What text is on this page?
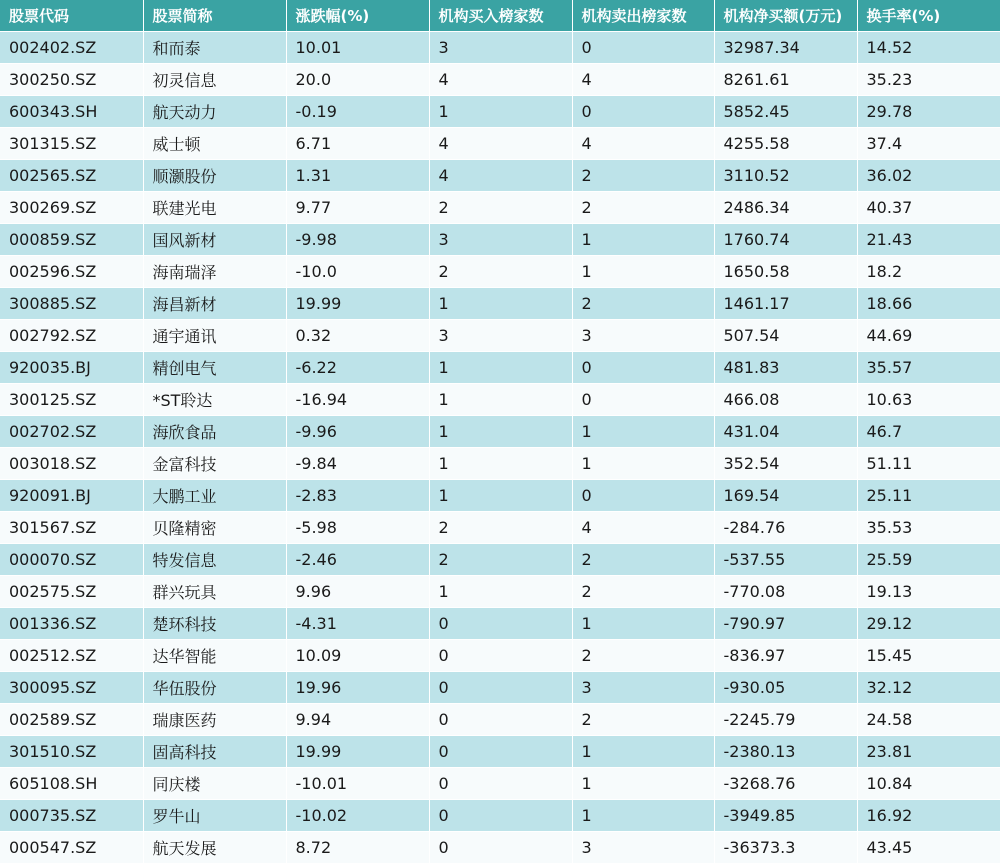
股票代码	股票简称	涨跌幅(%)	机构买入榜家数	机构卖出榜家数	机构净买额(万元)	换手率(%)
002402.SZ	和而泰	10.01	3	0	32987.34	14.52
300250.SZ	初灵信息	20.0	4	4	8261.61	35.23
600343.SH	航天动力	-0.19	1	0	5852.45	29.78
301315.SZ	威士顿	6.71	4	4	4255.58	37.4
002565.SZ	顺灏股份	1.31	4	2	3110.52	36.02
300269.SZ	联建光电	9.77	2	2	2486.34	40.37
000859.SZ	国风新材	-9.98	3	1	1760.74	21.43
002596.SZ	海南瑞泽	-10.0	2	1	1650.58	18.2
300885.SZ	海昌新材	19.99	1	2	1461.17	18.66
002792.SZ	通宇通讯	0.32	3	3	507.54	44.69
920035.BJ	精创电气	-6.22	1	0	481.83	35.57
300125.SZ	*ST聆达	-16.94	1	0	466.08	10.63
002702.SZ	海欣食品	-9.96	1	1	431.04	46.7
003018.SZ	金富科技	-9.84	1	1	352.54	51.11
920091.BJ	大鹏工业	-2.83	1	0	169.54	25.11
301567.SZ	贝隆精密	-5.98	2	4	-284.76	35.53
000070.SZ	特发信息	-2.46	2	2	-537.55	25.59
002575.SZ	群兴玩具	9.96	1	2	-770.08	19.13
001336.SZ	楚环科技	-4.31	0	1	-790.97	29.12
002512.SZ	达华智能	10.09	0	2	-836.97	15.45
300095.SZ	华伍股份	19.96	0	3	-930.05	32.12
002589.SZ	瑞康医药	9.94	0	2	-2245.79	24.58
301510.SZ	固高科技	19.99	0	1	-2380.13	23.81
605108.SH	同庆楼	-10.01	0	1	-3268.76	10.84
000735.SZ	罗牛山	-10.02	0	1	-3949.85	16.92
000547.SZ	航天发展	8.72	0	3	-36373.3	43.45
